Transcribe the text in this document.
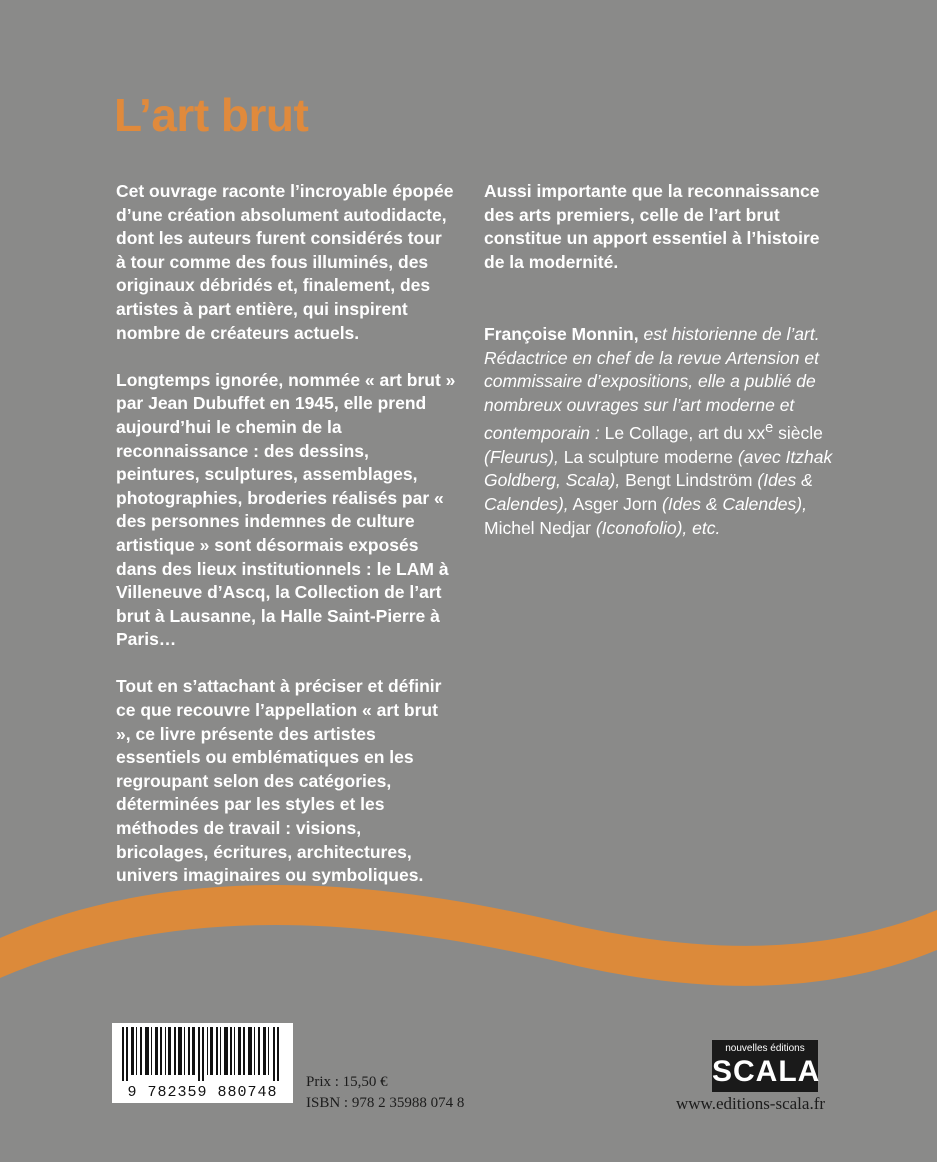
L’art brut

Cet ouvrage raconte l’incroyable épopée d’une création absolument autodidacte, dont les auteurs furent considérés tour à tour comme des fous illuminés, des originaux débridés et, finalement, des artistes à part entière, qui inspirent nombre de créateurs actuels.

Longtemps ignorée, nommée « art brut » par Jean Dubuffet en 1945, elle prend aujourd’hui le chemin de la reconnaissance : des dessins, peintures, sculptures, assemblages, photographies, broderies réalisés par « des personnes indemnes de culture artistique » sont désormais exposés dans des lieux institutionnels : le LAM à Villeneuve d’Ascq, la Collection de l’art brut à Lausanne, la Halle Saint-Pierre à Paris…

Tout en s’attachant à préciser et définir ce que recouvre l’appellation « art brut », ce livre présente des artistes essentiels ou emblématiques en les regroupant selon des catégories, déterminées par les styles et les méthodes de travail : visions, bricolages, écritures, architectures, univers imaginaires ou symboliques.

Aussi importante que la reconnaissance des arts premiers, celle de l’art brut constitue un apport essentiel à l’histoire de la modernité.

Françoise Monnin, est historienne de l’art. Rédactrice en chef de la revue Artension et commissaire d’expositions, elle a publié de nombreux ouvrages sur l’art moderne et contemporain : Le Collage, art du $xx^e$ siècle (Fleurus), La sculpture moderne (avec Itzhak Goldberg, Scala), Bengt Lindström (Ides & Calendes), Asger Jorn (Ides & Calendes), Michel Nedjar (Iconofolio), etc.

9 782359 880748
Prix : 15,50 €
ISBN : 978 2 35988 074 8
nouvelles éditions
SCALA
www.editions-scala.fr
